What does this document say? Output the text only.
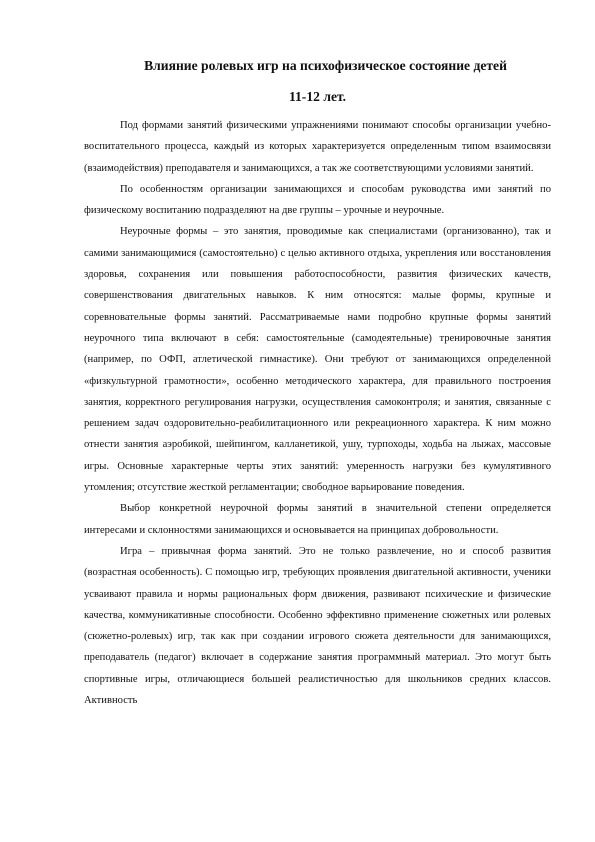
Влияние ролевых игр на психофизическое состояние детей
11-12 лет.

Под формами занятий физическими упражнениями понимают способы организации учебно-воспитательного процесса, каждый из которых характеризуется определенным типом взаимосвязи (взаимодействия) преподавателя и занимающихся, а так же соответствующими условиями занятий.

По особенностям организации занимающихся и способам руководства ими занятий по физическому воспитанию подразделяют на две группы – урочные и неурочные.

Неурочные формы – это занятия, проводимые как специалистами (организованно), так и самими занимающимися (самостоятельно) с целью активного отдыха, укрепления или восстановления здоровья, сохранения или повышения работоспособности, развития физических качеств, совершенствования двигательных навыков. К ним относятся: малые формы, крупные и соревновательные формы занятий. Рассматриваемые нами подробно крупные формы занятий неурочного типа включают в себя: самостоятельные (самодеятельные) тренировочные занятия (например, по ОФП, атлетической гимнастике). Они требуют от занимающихся определенной «физкультурной грамотности», особенно методического характера, для правильного построения занятия, корректного регулирования нагрузки, осуществления самоконтроля; и занятия, связанные с решением задач оздоровительно-реабилитационного или рекреационного характера. К ним можно отнести занятия аэробикой, шейпингом, калланетикой, ушу, турпоходы, ходьба на лыжах, массовые игры. Основные характерные черты этих занятий: умеренность нагрузки без кумулятивного утомления; отсутствие жесткой регламентации; свободное варьирование поведения.

Выбор конкретной неурочной формы занятий в значительной степени определяется интересами и склонностями занимающихся и основывается на принципах добровольности.

Игра – привычная форма занятий. Это не только развлечение, но и способ развития (возрастная особенность). С помощью игр, требующих проявления двигательной активности, ученики усваивают правила и нормы рациональных форм движения, развивают психические и физические качества, коммуникативные способности. Особенно эффективно применение сюжетных или ролевых (сюжетно-ролевых) игр, так как при создании игрового сюжета деятельности для занимающихся, преподаватель (педагог) включает в содержание занятия программный материал. Это могут быть спортивные игры, отличающиеся большей реалистичностью для школьников средних классов. Активность
